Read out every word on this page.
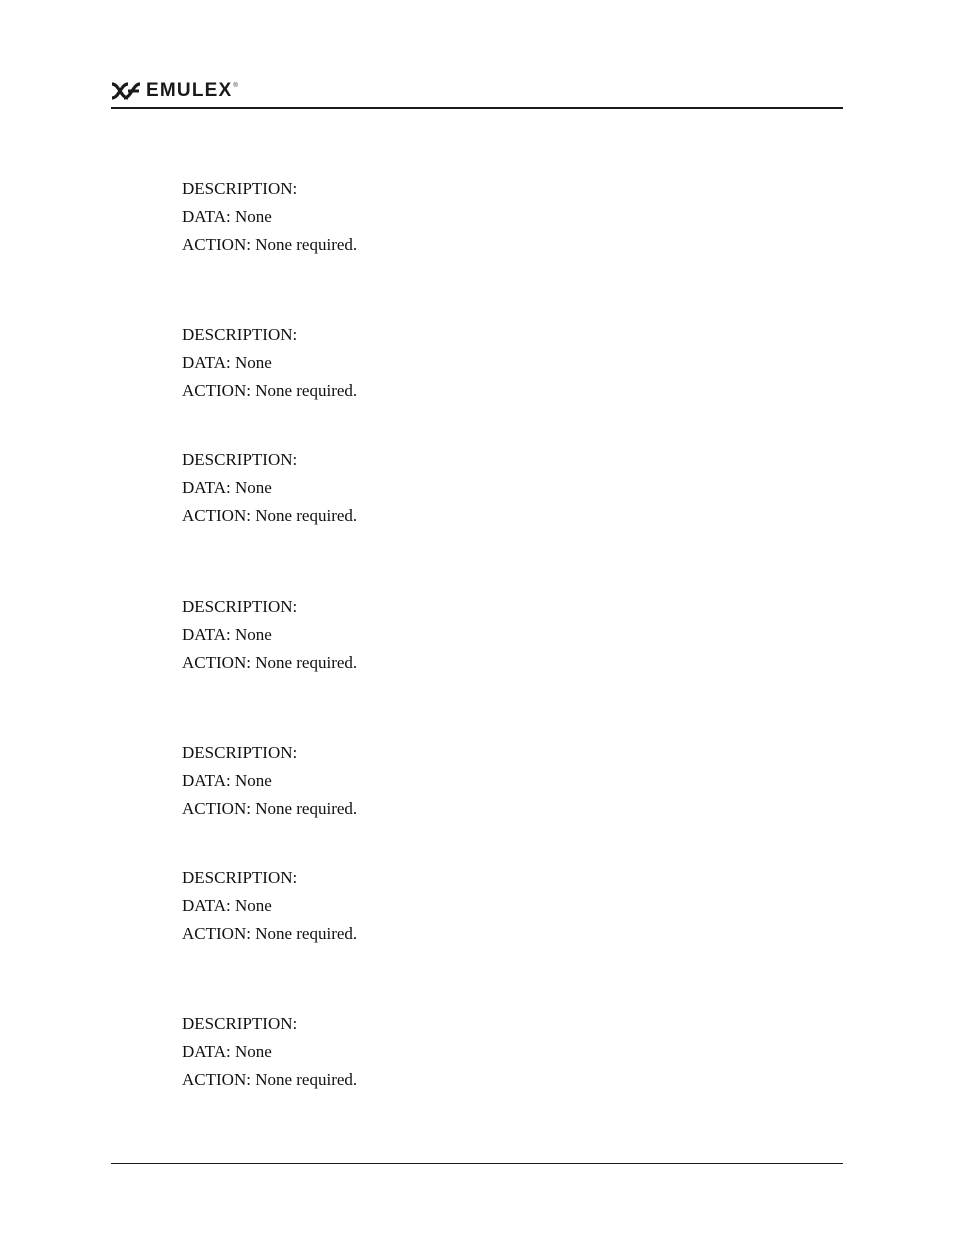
EMULEX ®
DESCRIPTION:
DATA: None
ACTION: None required.
DESCRIPTION:
DATA: None
ACTION: None required.
DESCRIPTION:
DATA: None
ACTION: None required.
DESCRIPTION:
DATA: None
ACTION: None required.
DESCRIPTION:
DATA: None
ACTION: None required.
DESCRIPTION:
DATA: None
ACTION: None required.
DESCRIPTION:
DATA: None
ACTION: None required.
